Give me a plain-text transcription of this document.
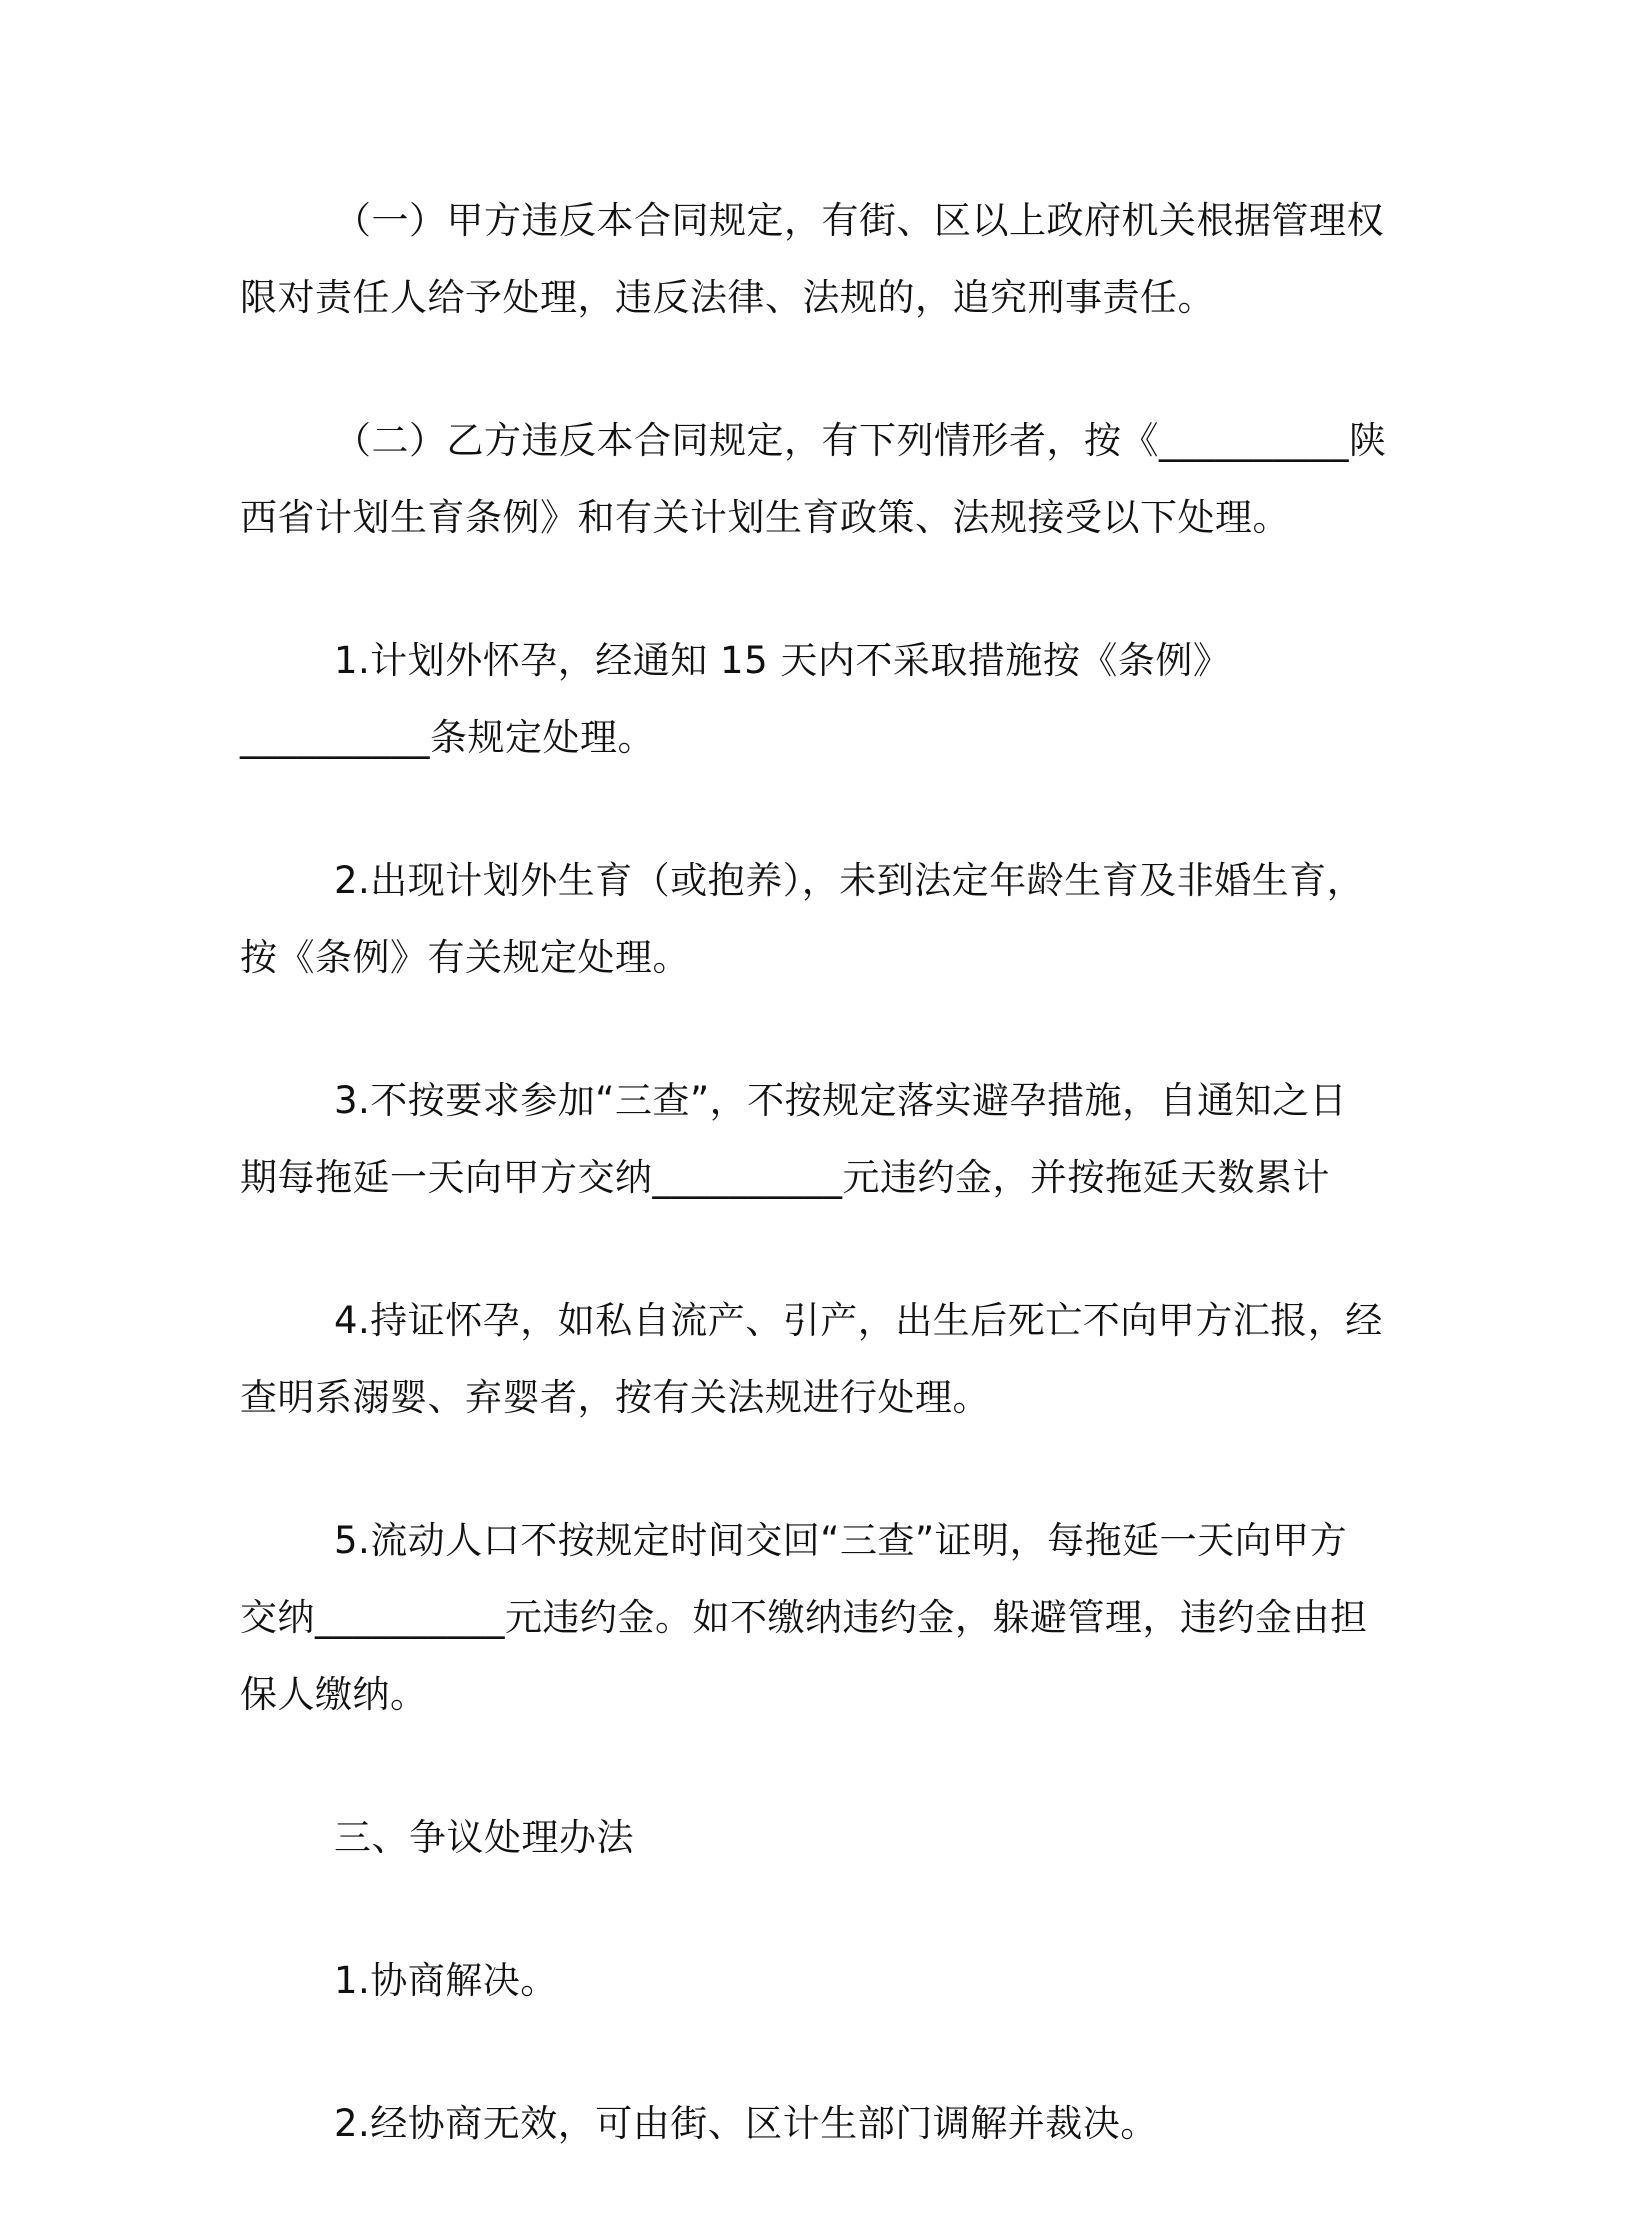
（一）甲方违反本合同规定，有街、区以上政府机关根据管理权
限对责任人给予处理，违反法律、法规的，追究刑事责任。

（二）乙方违反本合同规定，有下列情形者，按《__________陕
西省计划生育条例》和有关计划生育政策、法规接受以下处理。

1.计划外怀孕，经通知 15 天内不采取措施按《条例》
__________条规定处理。

2.出现计划外生育（或抱养），未到法定年龄生育及非婚生育，
按《条例》有关规定处理。

3.不按要求参加“三查”，不按规定落实避孕措施，自通知之日
期每拖延一天向甲方交纳__________元违约金，并按拖延天数累计

4.持证怀孕，如私自流产、引产，出生后死亡不向甲方汇报，经
查明系溺婴、弃婴者，按有关法规进行处理。

5.流动人口不按规定时间交回“三查”证明，每拖延一天向甲方
交纳__________元违约金。如不缴纳违约金，躲避管理，违约金由担
保人缴纳。

三、争议处理办法

1.协商解决。

2.经协商无效，可由街、区计生部门调解并裁决。
